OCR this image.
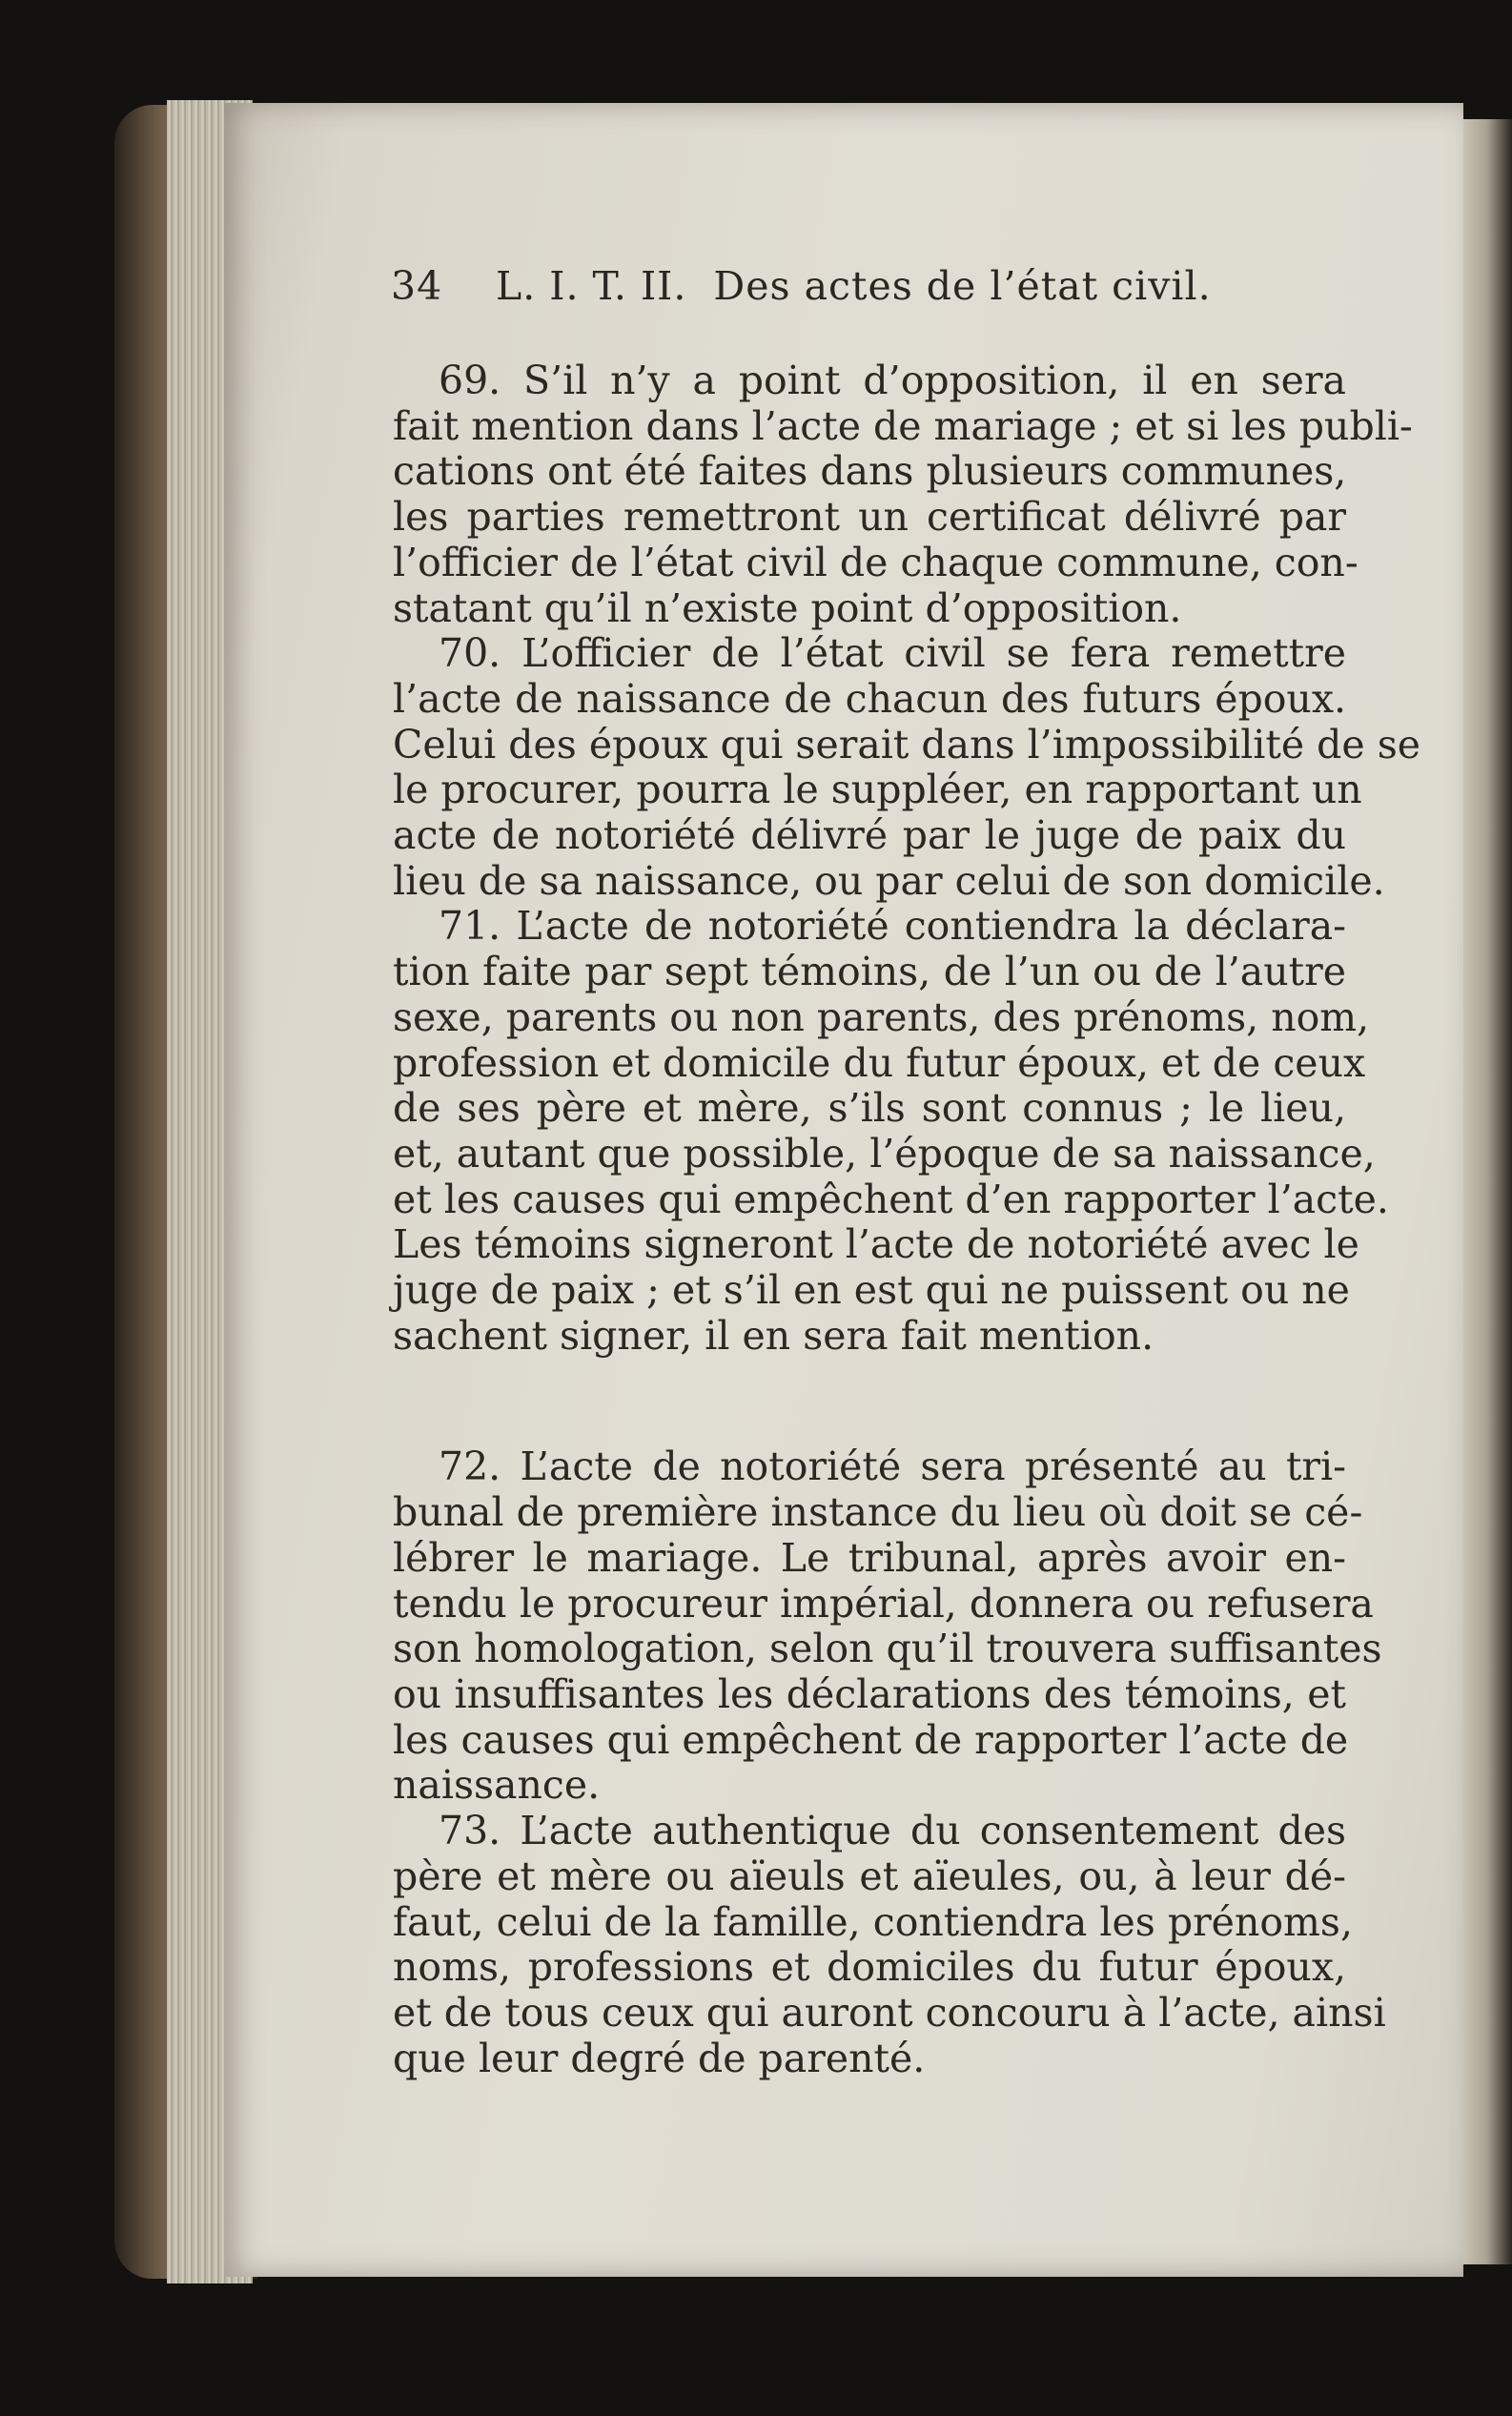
34 L. I. T. II. Des actes de l’état civil.
69. S’il n’y a point d’opposition, il en sera
fait mention dans l’acte de mariage ; et si les publi-
cations ont été faites dans plusieurs communes,
les parties remettront un certificat délivré par
l’officier de l’état civil de chaque commune, con-
statant qu’il n’existe point d’opposition.
70. L’officier de l’état civil se fera remettre
l’acte de naissance de chacun des futurs époux.
Celui des époux qui serait dans l’impossibilité de se
le procurer, pourra le suppléer, en rapportant un
acte de notoriété délivré par le juge de paix du
lieu de sa naissance, ou par celui de son domicile.
71. L’acte de notoriété contiendra la déclara-
tion faite par sept témoins, de l’un ou de l’autre
sexe, parents ou non parents, des prénoms, nom,
profession et domicile du futur époux, et de ceux
de ses père et mère, s’ils sont connus ; le lieu,
et, autant que possible, l’époque de sa naissance,
et les causes qui empêchent d’en rapporter l’acte.
Les témoins signeront l’acte de notoriété avec le
juge de paix ; et s’il en est qui ne puissent ou ne
sachent signer, il en sera fait mention.
72. L’acte de notoriété sera présenté au tri-
bunal de première instance du lieu où doit se cé-
lébrer le mariage. Le tribunal, après avoir en-
tendu le procureur impérial, donnera ou refusera
son homologation, selon qu’il trouvera suffisantes
ou insuffisantes les déclarations des témoins, et
les causes qui empêchent de rapporter l’acte de
naissance.
73. L’acte authentique du consentement des
père et mère ou aïeuls et aïeules, ou, à leur dé-
faut, celui de la famille, contiendra les prénoms,
noms, professions et domiciles du futur époux,
et de tous ceux qui auront concouru à l’acte, ainsi
que leur degré de parenté.
